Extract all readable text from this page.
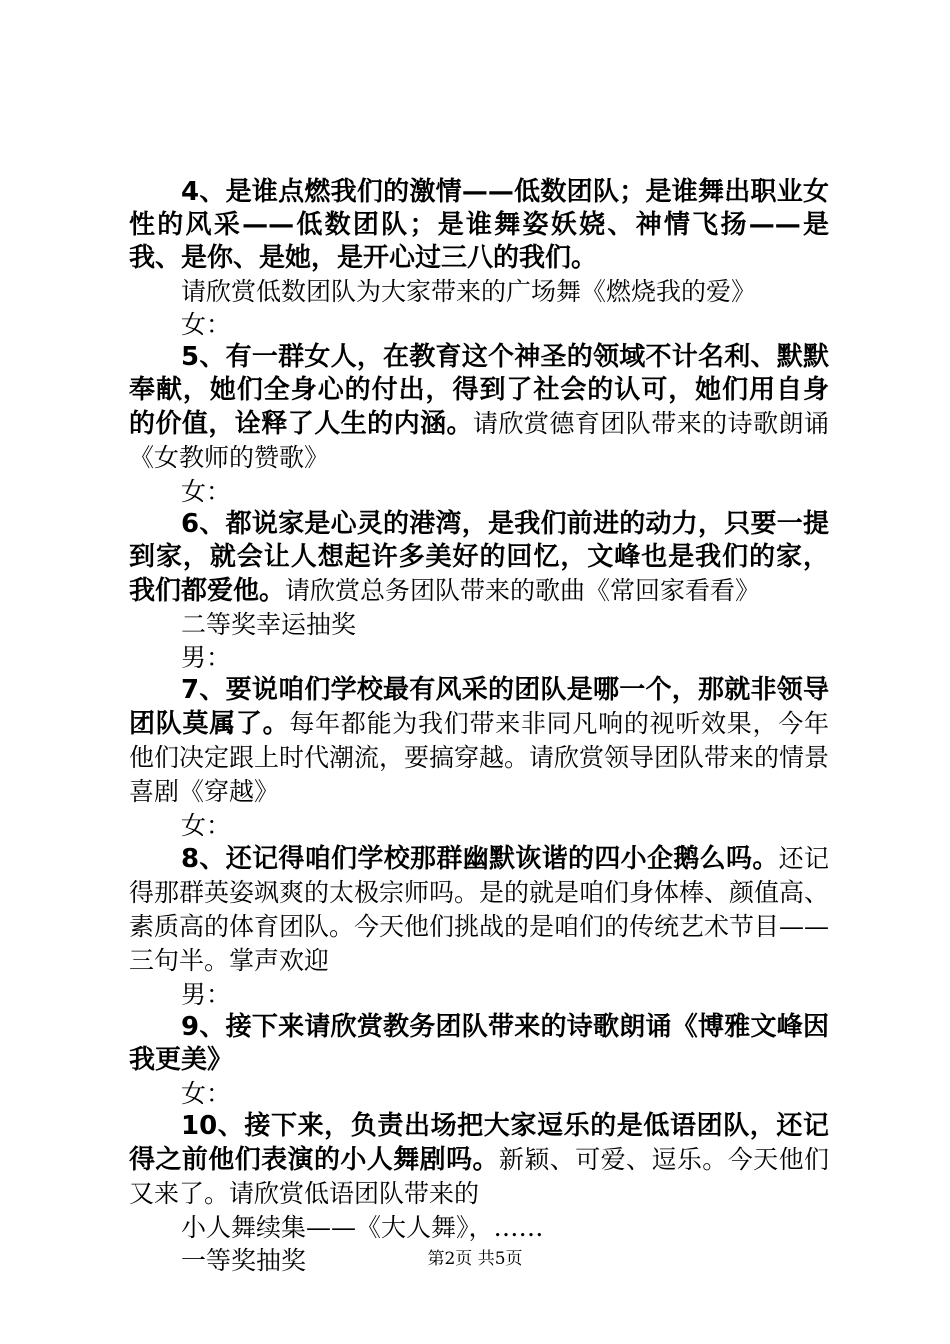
4、是谁点燃我们的激情——低数团队；是谁舞出职业女性的风采——低数团队；是谁舞姿妖娆、神情飞扬——是我、是你、是她，是开心过三八的我们。

请欣赏低数团队为大家带来的广场舞《燃烧我的爱》

女：

5、有一群女人，在教育这个神圣的领域不计名利、默默奉献，她们全身心的付出，得到了社会的认可，她们用自身的价值，诠释了人生的内涵。请欣赏德育团队带来的诗歌朗诵《女教师的赞歌》

女：

6、都说家是心灵的港湾，是我们前进的动力，只要一提到家，就会让人想起许多美好的回忆，文峰也是我们的家，我们都爱他。请欣赏总务团队带来的歌曲《常回家看看》

二等奖幸运抽奖

男：

7、要说咱们学校最有风采的团队是哪一个，那就非领导团队莫属了。每年都能为我们带来非同凡响的视听效果，今年他们决定跟上时代潮流，要搞穿越。请欣赏领导团队带来的情景喜剧《穿越》

女：

8、还记得咱们学校那群幽默诙谐的四小企鹅么吗。还记得那群英姿飒爽的太极宗师吗。是的就是咱们身体棒、颜值高、素质高的体育团队。今天他们挑战的是咱们的传统艺术节目——三句半。掌声欢迎

男：

9、接下来请欣赏教务团队带来的诗歌朗诵《博雅文峰因我更美》

女：

10、接下来，负责出场把大家逗乐的是低语团队，还记得之前他们表演的小人舞剧吗。新颖、可爱、逗乐。今天他们又来了。请欣赏低语团队带来的

小人舞续集——《大人舞》，……

一等奖抽奖	第2页 共5页
